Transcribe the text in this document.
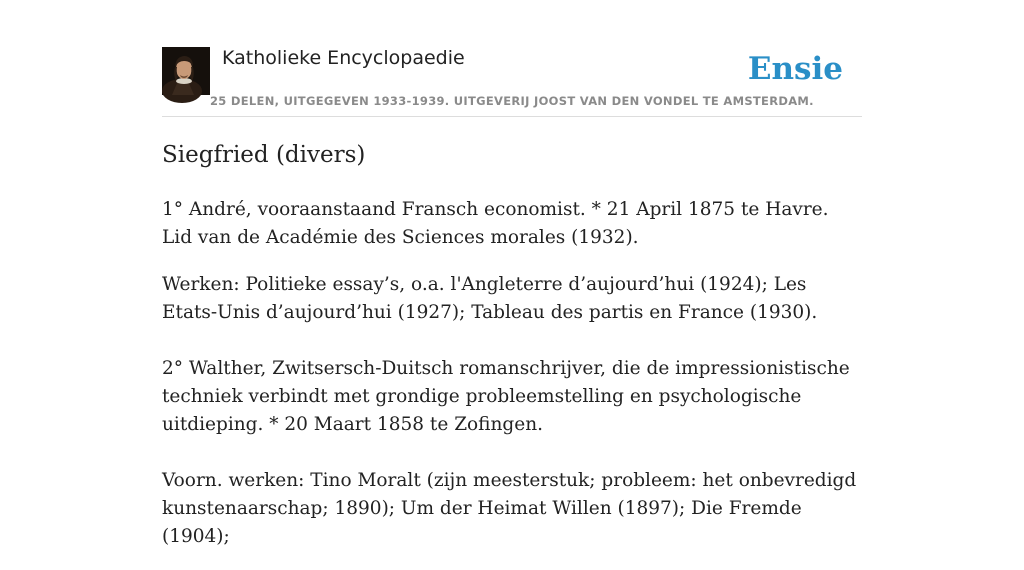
Katholieke Encyclopaedie
25 DELEN, UITGEGEVEN 1933-1939. UITGEVERIJ JOOST VAN DEN VONDEL TE AMSTERDAM.
Ensie
Siegfried (divers)

1° André, vooraanstaand Fransch economist. * 21 April 1875 te Havre. Lid van de Académie des Sciences morales (1932).

Werken: Politieke essay’s, o.a. l'Angleterre d’aujourd’hui (1924); Les Etats-Unis d’aujourd’hui (1927); Tableau des partis en France (1930).

2° Walther, Zwitsersch-Duitsch romanschrijver, die de impressionistische techniek verbindt met grondige probleemstelling en psychologische uitdieping. * 20 Maart 1858 te Zofingen.

Voorn. werken: Tino Moralt (zijn meesterstuk; probleem: het onbevredigd kunstenaarschap; 1890); Um der Heimat Willen (1897); Die Fremde (1904);
